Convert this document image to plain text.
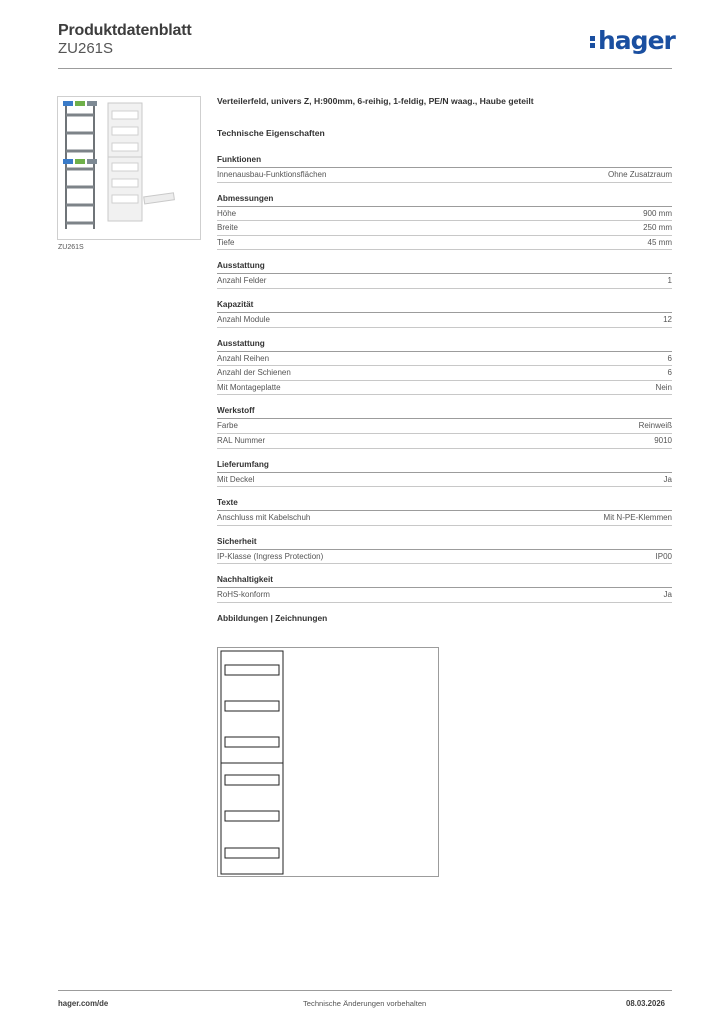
Produktdatenblatt
ZU261S	hager
ZU261S
Verteilerfeld, univers Z, H:900mm, 6-reihig, 1-feldig, PE/N waag., Haube geteilt
Technische Eigenschaften
Funktionen
Innenausbau-Funktionsflächen	Ohne Zusatzraum
Abmessungen
Höhe	900 mm
Breite	250 mm
Tiefe	45 mm
Ausstattung
Anzahl Felder	1
Kapazität
Anzahl Module	12
Ausstattung
Anzahl Reihen	6
Anzahl der Schienen	6
Mit Montageplatte	Nein
Werkstoff
Farbe	Reinweiß
RAL Nummer	9010
Lieferumfang
Mit Deckel	Ja
Texte
Anschluss mit Kabelschuh	Mit N-PE-Klemmen
Sicherheit
IP-Klasse (Ingress Protection)	IP00
Nachhaltigkeit
RoHS-konform	Ja
Abbildungen | Zeichnungen
hager.com/de	Technische Änderungen vorbehalten	08.03.2026
